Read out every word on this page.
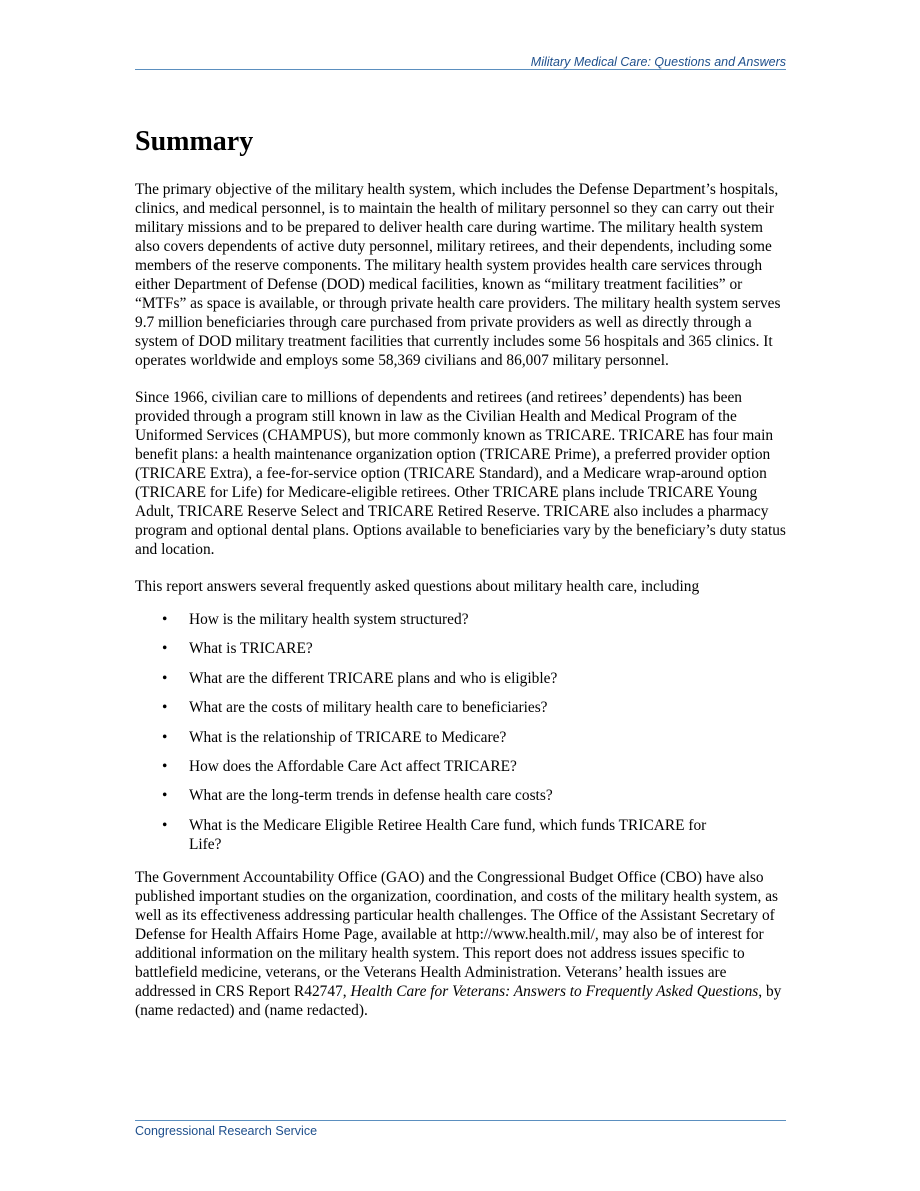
Military Medical Care: Questions and Answers
Summary

The primary objective of the military health system, which includes the Defense Department’s hospitals, clinics, and medical personnel, is to maintain the health of military personnel so they can carry out their military missions and to be prepared to deliver health care during wartime. The military health system also covers dependents of active duty personnel, military retirees, and their dependents, including some members of the reserve components. The military health system provides health care services through either Department of Defense (DOD) medical facilities, known as “military treatment facilities” or “MTFs” as space is available, or through private health care providers. The military health system serves 9.7 million beneficiaries through care purchased from private providers as well as directly through a system of DOD military treatment facilities that currently includes some 56 hospitals and 365 clinics. It operates worldwide and employs some 58,369 civilians and 86,007 military personnel.

Since 1966, civilian care to millions of dependents and retirees (and retirees’ dependents) has been provided through a program still known in law as the Civilian Health and Medical Program of the Uniformed Services (CHAMPUS), but more commonly known as TRICARE. TRICARE has four main benefit plans: a health maintenance organization option (TRICARE Prime), a preferred provider option (TRICARE Extra), a fee-for-service option (TRICARE Standard), and a Medicare wrap-around option (TRICARE for Life) for Medicare-eligible retirees. Other TRICARE plans include TRICARE Young Adult, TRICARE Reserve Select and TRICARE Retired Reserve. TRICARE also includes a pharmacy program and optional dental plans. Options available to beneficiaries vary by the beneficiary’s duty status and location.

This report answers several frequently asked questions about military health care, including

• How is the military health system structured?
• What is TRICARE?
• What are the different TRICARE plans and who is eligible?
• What are the costs of military health care to beneficiaries?
• What is the relationship of TRICARE to Medicare?
• How does the Affordable Care Act affect TRICARE?
• What are the long-term trends in defense health care costs?
• What is the Medicare Eligible Retiree Health Care fund, which funds TRICARE for Life?

The Government Accountability Office (GAO) and the Congressional Budget Office (CBO) have also published important studies on the organization, coordination, and costs of the military health system, as well as its effectiveness addressing particular health challenges. The Office of the Assistant Secretary of Defense for Health Affairs Home Page, available at http://www.health.mil/, may also be of interest for additional information on the military health system. This report does not address issues specific to battlefield medicine, veterans, or the Veterans Health Administration. Veterans’ health issues are addressed in CRS Report R42747, Health Care for Veterans: Answers to Frequently Asked Questions, by (name redacted) and (name redacted).

Congressional Research Service
